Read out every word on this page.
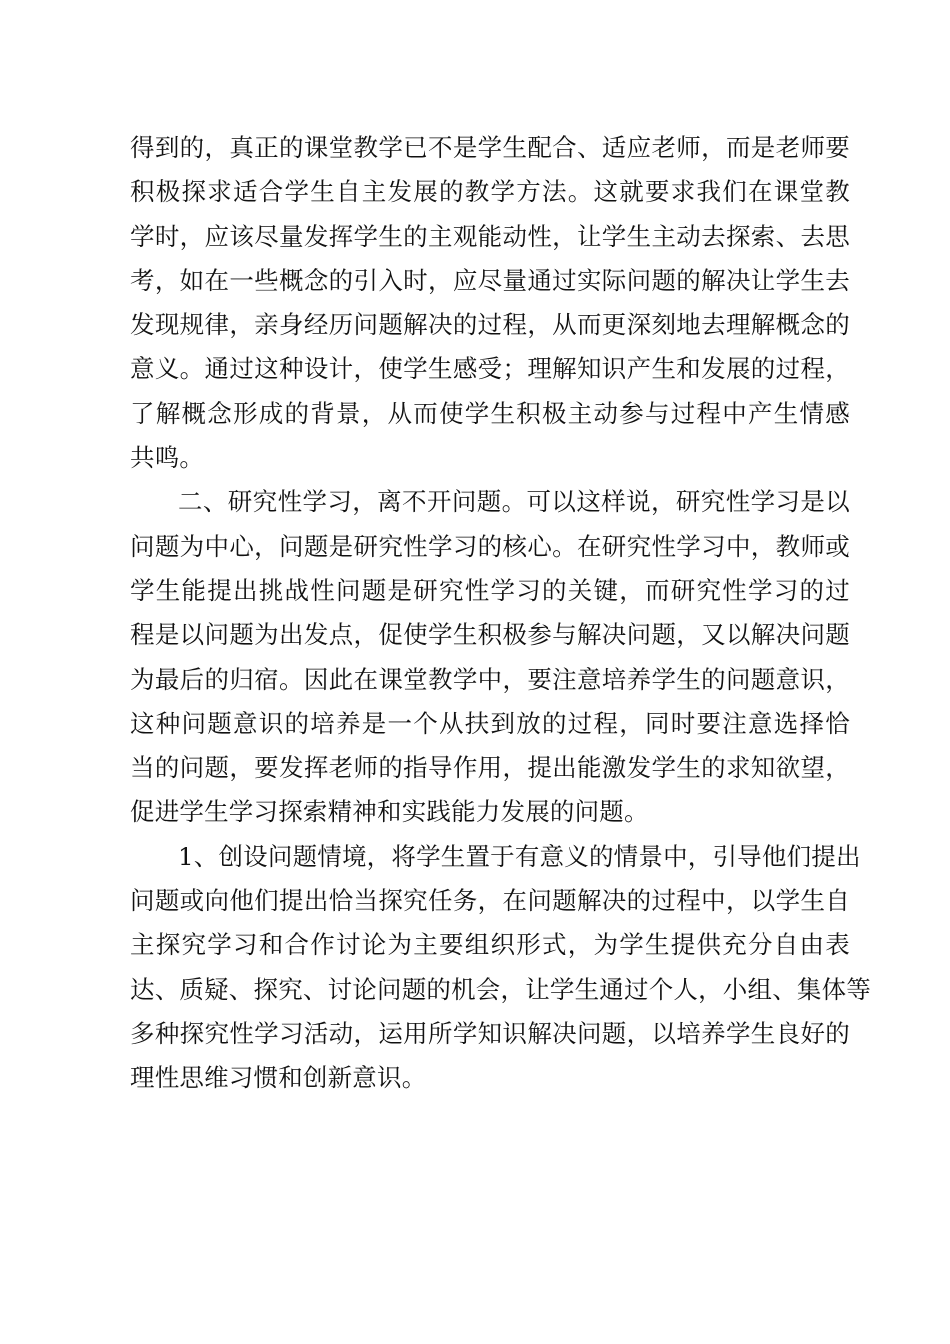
得到的，真正的课堂教学已不是学生配合、适应老师，而是老师要
积极探求适合学生自主发展的教学方法。这就要求我们在课堂教
学时，应该尽量发挥学生的主观能动性，让学生主动去探索、去思
考，如在一些概念的引入时，应尽量通过实际问题的解决让学生去
发现规律，亲身经历问题解决的过程，从而更深刻地去理解概念的
意义。通过这种设计，使学生感受；理解知识产生和发展的过程，
了解概念形成的背景，从而使学生积极主动参与过程中产生情感
共鸣。
二、研究性学习，离不开问题。可以这样说，研究性学习是以
问题为中心，问题是研究性学习的核心。在研究性学习中，教师或
学生能提出挑战性问题是研究性学习的关键，而研究性学习的过
程是以问题为出发点，促使学生积极参与解决问题，又以解决问题
为最后的归宿。因此在课堂教学中，要注意培养学生的问题意识，
这种问题意识的培养是一个从扶到放的过程，同时要注意选择恰
当的问题，要发挥老师的指导作用，提出能激发学生的求知欲望，
促进学生学习探索精神和实践能力发展的问题。
1、创设问题情境，将学生置于有意义的情景中，引导他们提出
问题或向他们提出恰当探究任务，在问题解决的过程中，以学生自
主探究学习和合作讨论为主要组织形式，为学生提供充分自由表
达、质疑、探究、讨论问题的机会，让学生通过个人，小组、集体等
多种探究性学习活动，运用所学知识解决问题，以培养学生良好的
理性思维习惯和创新意识。
